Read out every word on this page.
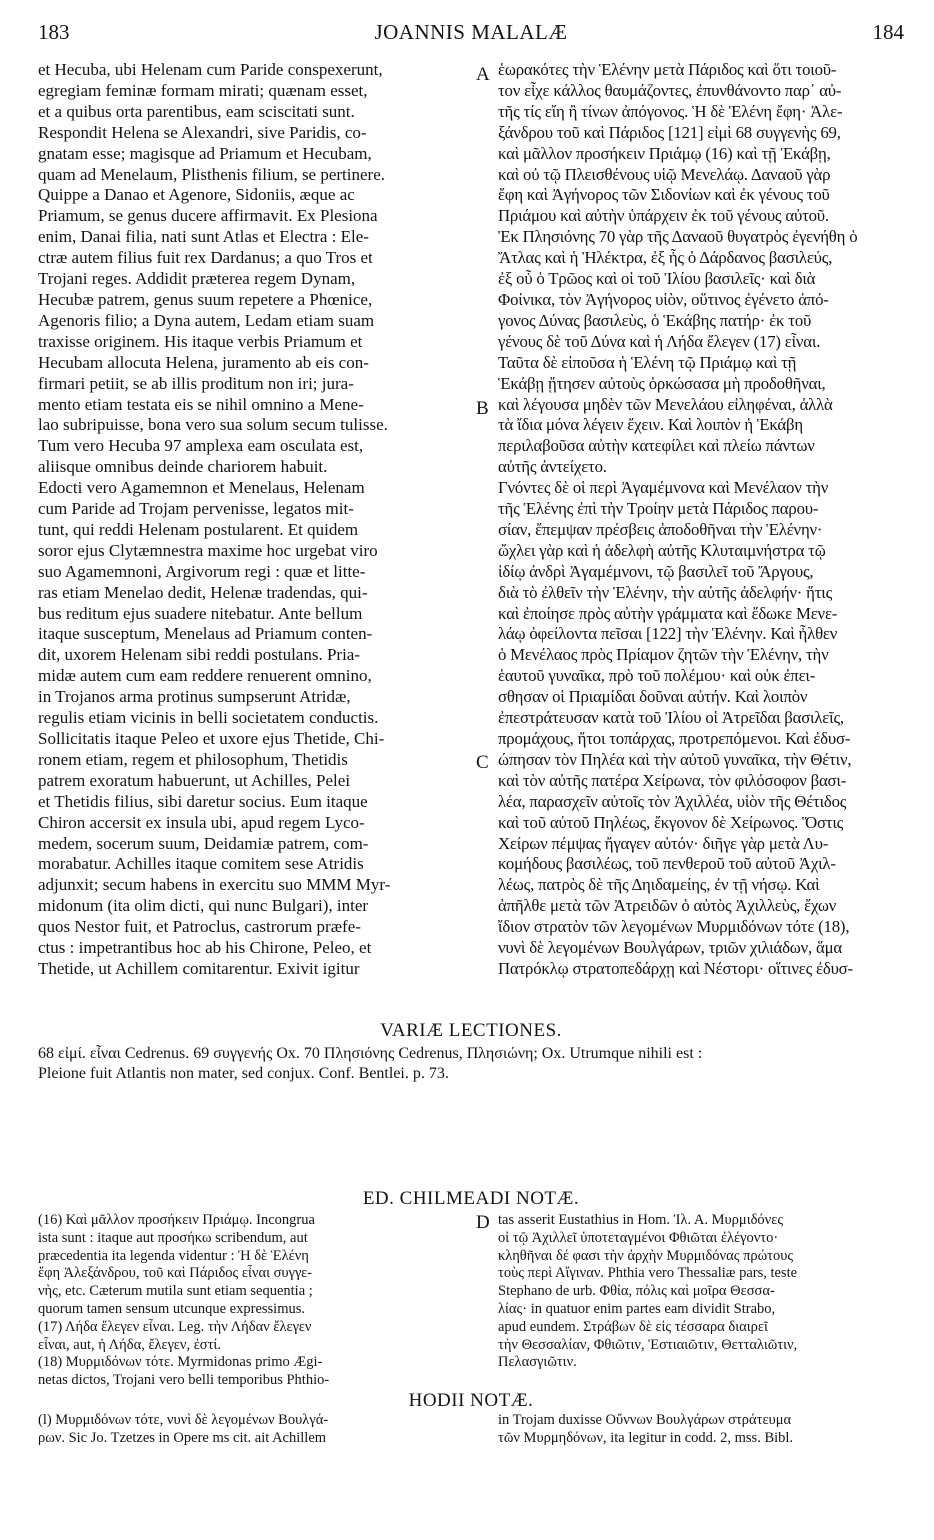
183	JOANNIS MALALÆ	184
et Hecuba, ubi Helenam cum Paride conspexerunt,
egregiam feminæ formam mirati; quænam esset,
et a quibus orta parentibus, eam sciscitati sunt.
Respondit Helena se Alexandri, sive Paridis, co-
gnatam esse; magisque ad Priamum et Hecubam,
quam ad Menelaum, Plisthenis filium, se pertinere.
Quippe a Danao et Agenore, Sidoniis, æque ac
Priamum, se genus ducere affirmavit. Ex Plesiona
enim, Danai filia, nati sunt Atlas et Electra : Ele-
ctræ autem filius fuit rex Dardanus; a quo Tros et
Trojani reges. Addidit præterea regem Dynam,
Hecubæ patrem, genus suum repetere a Phœnice,
Agenoris filio; a Dyna autem, Ledam etiam suam
traxisse originem. His itaque verbis Priamum et
Hecubam allocuta Helena, juramento ab eis con-
firmari petiit, se ab illis proditum non iri; jura-
mento etiam testata eis se nihil omnino a Mene-
lao subripuisse, bona vero sua solum secum tulisse.
Tum vero Hecuba 97 amplexa eam osculata est,
aliisque omnibus deinde chariorem habuit.
Edocti vero Agamemnon et Menelaus, Helenam
cum Paride ad Trojam pervenisse, legatos mit-
tunt, qui reddi Helenam postularent. Et quidem
soror ejus Clytæmnestra maxime hoc urgebat viro
suo Agamemnoni, Argivorum regi : quæ et litte-
ras etiam Menelao dedit, Helenæ tradendas, qui-
bus reditum ejus suadere nitebatur. Ante bellum
itaque susceptum, Menelaus ad Priamum conten-
dit, uxorem Helenam sibi reddi postulans. Pria-
midæ autem cum eam reddere renuerent omnino,
in Trojanos arma protinus sumpserunt Atridæ,
regulis etiam vicinis in belli societatem conductis.
Sollicitatis itaque Peleo et uxore ejus Thetide, Chi-
ronem etiam, regem et philosophum, Thetidis
patrem exoratum habuerunt, ut Achilles, Pelei
et Thetidis filius, sibi daretur socius. Eum itaque
Chiron accersit ex insula ubi, apud regem Lyco-
medem, socerum suum, Deidamiæ patrem, com-
morabatur. Achilles itaque comitem sese Atridis
adjunxit; secum habens in exercitu suo MMM Myr-
midonum (ita olim dicti, qui nunc Bulgari), inter
quos Nestor fuit, et Patroclus, castrorum præfe-
ctus : impetrantibus hoc ab his Chirone, Peleo, et
Thetide, ut Achillem comitarentur. Exivit igitur
ἑωρακότες τὴν Ἑλένην μετὰ Πάριδος καὶ ὅτι τοιοῦ-
τον εἶχε κάλλος θαυμάζοντες, ἐπυνθάνοντο παρ᾽ αὐ-
τῆς τίς εἴη ἢ τίνων ἀπόγονος. Ἡ δὲ Ἑλένη ἔφη· Ἀλε-
ξάνδρου τοῦ καὶ Πάριδος [121] εἰμὶ 68 συγγενὴς 69,
καὶ μᾶλλον προσήκειν Πριάμῳ (16) καὶ τῇ Ἑκάβῃ,
καὶ οὐ τῷ Πλεισθένους υἱῷ Μενελάῳ. Δαναοῦ γὰρ
ἔφη καὶ Ἀγήνορος τῶν Σιδονίων καὶ ἐκ γένους τοῦ
Πριάμου καὶ αὐτὴν ὑπάρχειν ἐκ τοῦ γένους αὐτοῦ.
Ἐκ Πλησιόνης 70 γὰρ τῆς Δαναοῦ θυγατρὸς ἐγενήθη ὁ
Ἄτλας καὶ ἡ Ἠλέκτρα, ἐξ ἧς ὁ Δάρδανος βασιλεύς,
ἐξ οὗ ὁ Τρῶος καὶ οἱ τοῦ Ἰλίου βασιλεῖς· καὶ διὰ
Φοίνικα, τὸν Ἀγήνορος υἱὸν, οὕτινος ἐγένετο ἀπό-
γονος Δύνας βασιλεὺς, ὁ Ἑκάβης πατήρ· ἐκ τοῦ
γένους δὲ τοῦ Δύνα καὶ ἡ Λήδα ἔλεγεν (17) εἶναι.
Ταῦτα δὲ εἰποῦσα ἡ Ἑλένη τῷ Πριάμῳ καὶ τῇ
Ἑκάβῃ ᾔτησεν αὐτοὺς ὁρκώσασα μὴ προδοθῆναι,
καὶ λέγουσα μηδὲν τῶν Μενελάου εἰληφέναι, ἀλλὰ
τὰ ἴδια μόνα λέγειν ἔχειν. Καὶ λοιπὸν ἡ Ἑκάβη
περιλαβοῦσα αὐτὴν κατεφίλει καὶ πλείω πάντων
αὐτῆς ἀντείχετο.
Γνόντες δὲ οἱ περὶ Ἀγαμέμνονα καὶ Μενέλαον τὴν
τῆς Ἑλένης ἐπὶ τὴν Τροίην μετὰ Πάριδος παρου-
σίαν, ἔπεμψαν πρέσβεις ἀποδοθῆναι τὴν Ἑλένην·
ὤχλει γὰρ καὶ ἡ ἀδελφὴ αὐτῆς Κλυταιμνήστρα τῷ
ἰδίῳ ἀνδρὶ Ἀγαμέμνονι, τῷ βασιλεῖ τοῦ Ἄργους,
διὰ τὸ ἐλθεῖν τὴν Ἑλένην, τὴν αὐτῆς ἀδελφήν· ἥτις
καὶ ἐποίησε πρὸς αὐτὴν γράμματα καὶ ἔδωκε Μενε-
λάῳ ὀφείλοντα πεῖσαι [122] τὴν Ἑλένην. Καὶ ἦλθεν
ὁ Μενέλαος πρὸς Πρίαμον ζητῶν τὴν Ἑλένην, τὴν
ἑαυτοῦ γυναῖκα, πρὸ τοῦ πολέμου· καὶ οὐκ ἐπει-
σθησαν οἱ Πριαμίδαι δοῦναι αὐτήν. Καὶ λοιπὸν
ἐπεστράτευσαν κατὰ τοῦ Ἰλίου οἱ Ἀτρεῖδαι βασιλεῖς,
προμάχους, ἤτοι τοπάρχας, προτρεπόμενοι. Καὶ ἐδυσ-
ώπησαν τὸν Πηλέα καὶ τὴν αὐτοῦ γυναῖκα, τὴν Θέτιν,
καὶ τὸν αὐτῆς πατέρα Χείρωνα, τὸν φιλόσοφον βασι-
λέα, παρασχεῖν αὐτοῖς τὸν Ἀχιλλέα, υἱὸν τῆς Θέτιδος
καὶ τοῦ αὐτοῦ Πηλέως, ἔκγονον δὲ Χείρωνος. Ὅστις
Χείρων πέμψας ἤγαγεν αὐτόν· διῆγε γὰρ μετὰ Λυ-
κομήδους βασιλέως, τοῦ πενθεροῦ τοῦ αὐτοῦ Ἀχιλ-
λέως, πατρὸς δὲ τῆς Δηιδαμείης, ἐν τῇ νήσῳ. Καὶ
ἀπῆλθε μετὰ τῶν Ἀτρειδῶν ὁ αὐτὸς Ἀχιλλεὺς, ἔχων
ἴδιον στρατὸν τῶν λεγομένων Μυρμιδόνων τότε (18),
νυνὶ δὲ λεγομένων Βουλγάρων, τριῶν χιλιάδων, ἅμα
Πατρόκλῳ στρατοπεδάρχῃ καὶ Νέστορι· οἵτινες ἐδυσ-
A
B
C
D
VARIÆ LECTIONES.
68 εἰμί. εἶναι Cedrenus. 69 συγγενής Ox. 70 Πλησιόνης Cedrenus, Πλησιώνη; Ox. Utrumque nihili est :
Pleione fuit Atlantis non mater, sed conjux. Conf. Bentlei. p. 73.
ED. CHILMEADI NOTÆ.
(16) Καὶ μᾶλλον προσήκειν Πριάμῳ. Incongrua
ista sunt : itaque aut προσήκω scribendum, aut
præcedentia ita legenda videntur : Ἡ δὲ Ἑλένη
ἔφη Ἀλεξάνδρου, τοῦ καὶ Πάριδος εἶναι συγγε-
νὴς, etc. Cæterum mutila sunt etiam sequentia ;
quorum tamen sensum utcunque expressimus.
(17) Λήδα ἔλεγεν εἶναι. Leg. τὴν Λήδαν ἔλεγεν
εἶναι, aut, ἡ Λήδα, ἔλεγεν, ἐστί.
(18) Μυρμιδόνων τότε. Myrmidonas primo Ægi-
netas dictos, Trojani vero belli temporibus Phthio-
tas asserit Eustathius in Hom. Ἰλ. Α. Μυρμιδόνες
οἱ τῷ Ἀχιλλεῖ ὑποτεταγμένοι Φθιῶται ἐλέγοντο·
κληθῆναι δέ φασι τὴν ἀρχὴν Μυρμιδόνας πρώτους
τοὺς περὶ Αἴγιναν. Phthia vero Thessaliæ pars, teste
Stephano de urb. Φθία, πόλις καὶ μοῖρα Θεσσα-
λίας· in quatuor enim partes eam dividit Strabo,
apud eundem. Στράβων δὲ εἰς τέσσαρα διαιρεῖ
τὴν Θεσσαλίαν, Φθιῶτιν, Ἑστιαιῶτιν, Θετταλιῶτιν,
Πελασγιῶτιν.
HODII NOTÆ.
(l) Μυρμιδόνων τότε, νυνὶ δὲ λεγομένων Βουλγά-
ρων. Sic Jo. Tzetzes in Opere ms cit. ait Achillem
in Trojam duxisse Οὔννων Βουλγάρων στράτευμα
τῶν Μυρμηδόνων, ita legitur in codd. 2, mss. Bibl.
